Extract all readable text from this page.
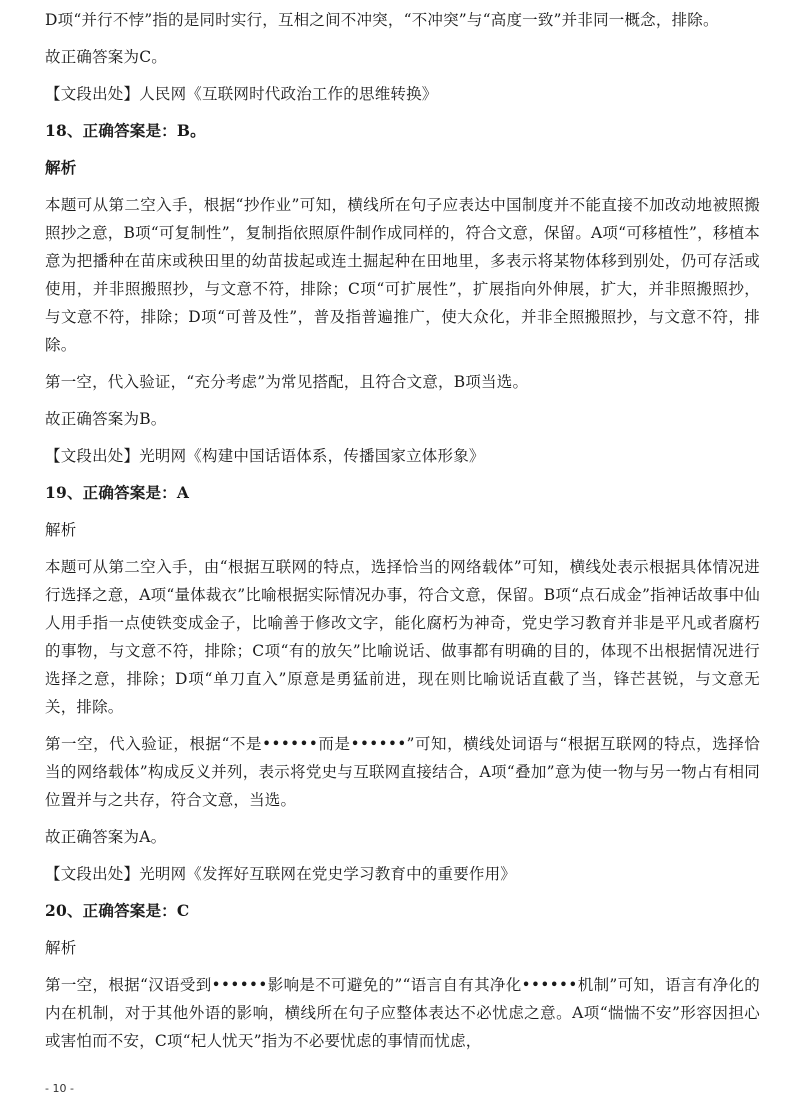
D项“并行不悖”指的是同时实行，互相之间不冲突，“不冲突”与“高度一致”并非同一概念，排除。

故正确答案为C。

【文段出处】人民网《互联网时代政治工作的思维转换》

18、正确答案是：B。

解析

本题可从第二空入手，根据“抄作业”可知，横线所在句子应表达中国制度并不能直接不加改动地被照搬照抄之意，B项“可复制性”，复制指依照原件制作成同样的，符合文意，保留。A项“可移植性”，移植本意为把播种在苗床或秧田里的幼苗拔起或连土掘起种在田地里，多表示将某物体移到别处，仍可存活或使用，并非照搬照抄，与文意不符，排除；C项“可扩展性”，扩展指向外伸展，扩大，并非照搬照抄，与文意不符，排除；D项“可普及性”，普及指普遍推广，使大众化，并非全照搬照抄，与文意不符，排除。

第一空，代入验证，“充分考虑”为常见搭配，且符合文意，B项当选。

故正确答案为B。

【文段出处】光明网《构建中国话语体系，传播国家立体形象》

19、正确答案是：A

解析

本题可从第二空入手，由“根据互联网的特点，选择恰当的网络载体”可知，横线处表示根据具体情况进行选择之意，A项“量体裁衣”比喻根据实际情况办事，符合文意，保留。B项“点石成金”指神话故事中仙人用手指一点使铁变成金子，比喻善于修改文字，能化腐朽为神奇，党史学习教育并非是平凡或者腐朽的事物，与文意不符，排除；C项“有的放矢”比喻说话、做事都有明确的目的，体现不出根据情况进行选择之意，排除；D项“单刀直入”原意是勇猛前进，现在则比喻说话直截了当，锋芒甚锐，与文意无关，排除。

第一空，代入验证，根据“不是••••••而是••••••”可知，横线处词语与“根据互联网的特点，选择恰当的网络载体”构成反义并列，表示将党史与互联网直接结合，A项“叠加”意为使一物与另一物占有相同位置并与之共存，符合文意，当选。

故正确答案为A。

【文段出处】光明网《发挥好互联网在党史学习教育中的重要作用》

20、正确答案是：C

解析

第一空，根据“汉语受到••••••影响是不可避免的”“语言自有其净化••••••机制”可知，语言有净化的内在机制，对于其他外语的影响，横线所在句子应整体表达不必忧虑之意。A项“惴惴不安”形容因担心或害怕而不安，C项“杞人忧天”指为不必要忧虑的事情而忧虑，

- 10 -
